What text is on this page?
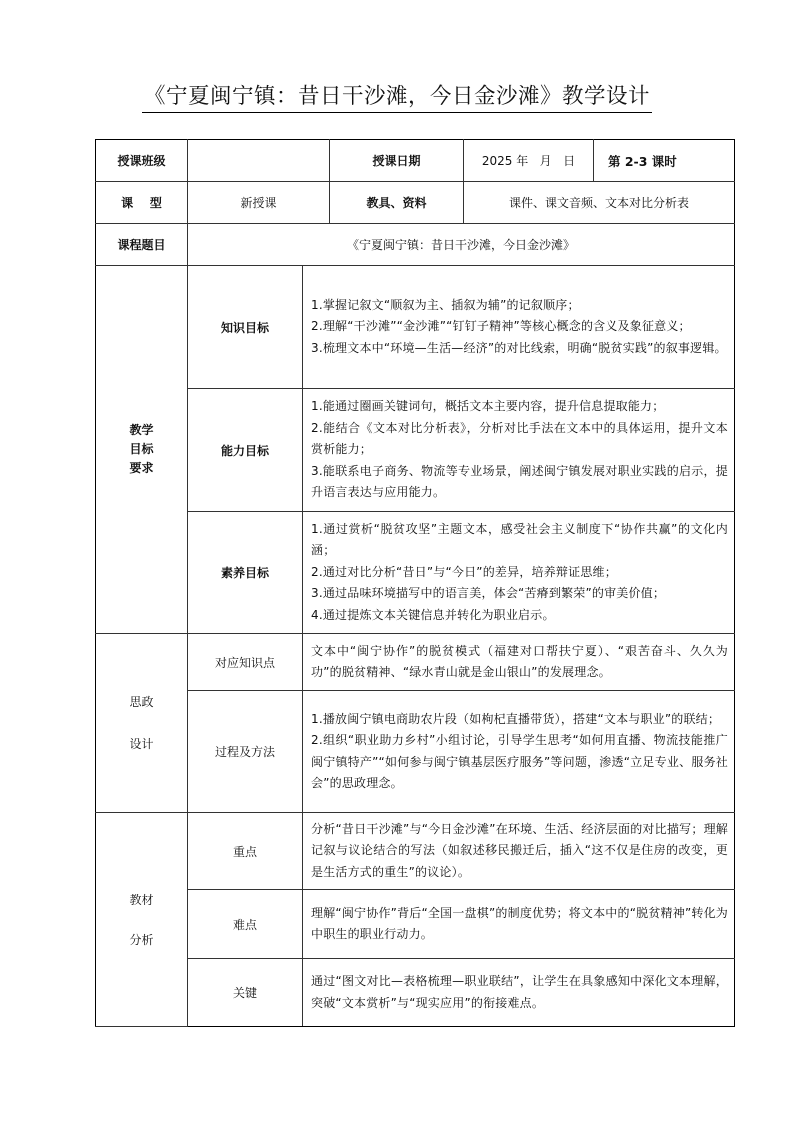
《宁夏闽宁镇：昔日干沙滩，今日金沙滩》教学设计
授课班级			授课日期	2025 年   月   日	第 2-3 课时
课    型	新授课		教具、资料	课件、课文音频、文本对比分析表	
课程题目	《宁夏闽宁镇：昔日干沙滩，今日金沙滩》				

教学
目标
要求	知识目标	1.掌握记叙文“顺叙为主、插叙为辅”的记叙顺序；
2.理解“干沙滩”“金沙滩”“钉钉子精神”等核心概念的含义及象征意义；
3.梳理文本中“环境—生活—经济”的对比线索，明确“脱贫实践”的叙事逻辑。			

	能力目标	1.能通过圈画关键词句，概括文本主要内容，提升信息提取能力；
2.能结合《文本对比分析表》，分析对比手法在文本中的具体运用，提升文本赏析能力；
3.能联系电子商务、物流等专业场景，阐述闽宁镇发展对职业实践的启示，提升语言表达与应用能力。			

	素养目标	1.通过赏析“脱贫攻坚”主题文本，感受社会主义制度下“协作共赢”的文化内涵；
2.通过对比分析“昔日”与“今日”的差异，培养辩证思维；
3.通过品味环境描写中的语言美，体会“苦瘠到繁荣”的审美价值；
4.通过提炼文本关键信息并转化为职业启示。			

思政
设计	对应知识点	文本中“闽宁协作”的脱贫模式（福建对口帮扶宁夏）、“艰苦奋斗、久久为功”的脱贫精神、“绿水青山就是金山银山”的发展理念。			
	过程及方法	1.播放闽宁镇电商助农片段（如枸杞直播带货），搭建“文本与职业”的联结；
2.组织“职业助力乡村”小组讨论，引导学生思考“如何用直播、物流技能推广闽宁镇特产”“如何参与闽宁镇基层医疗服务”等问题，渗透“立足专业、服务社会”的思政理念。			

教材
分析	重点	分析“昔日干沙滩”与“今日金沙滩”在环境、生活、经济层面的对比描写；理解记叙与议论结合的写法（如叙述移民搬迁后，插入“这不仅是住房的改变，更是生活方式的重生”的议论）。			
	难点	理解“闽宁协作”背后“全国一盘棋”的制度优势；将文本中的“脱贫精神”转化为中职生的职业行动力。			
	关键	通过“图文对比—表格梳理—职业联结”，让学生在具象感知中深化文本理解，突破“文本赏析”与“现实应用”的衔接难点。			
